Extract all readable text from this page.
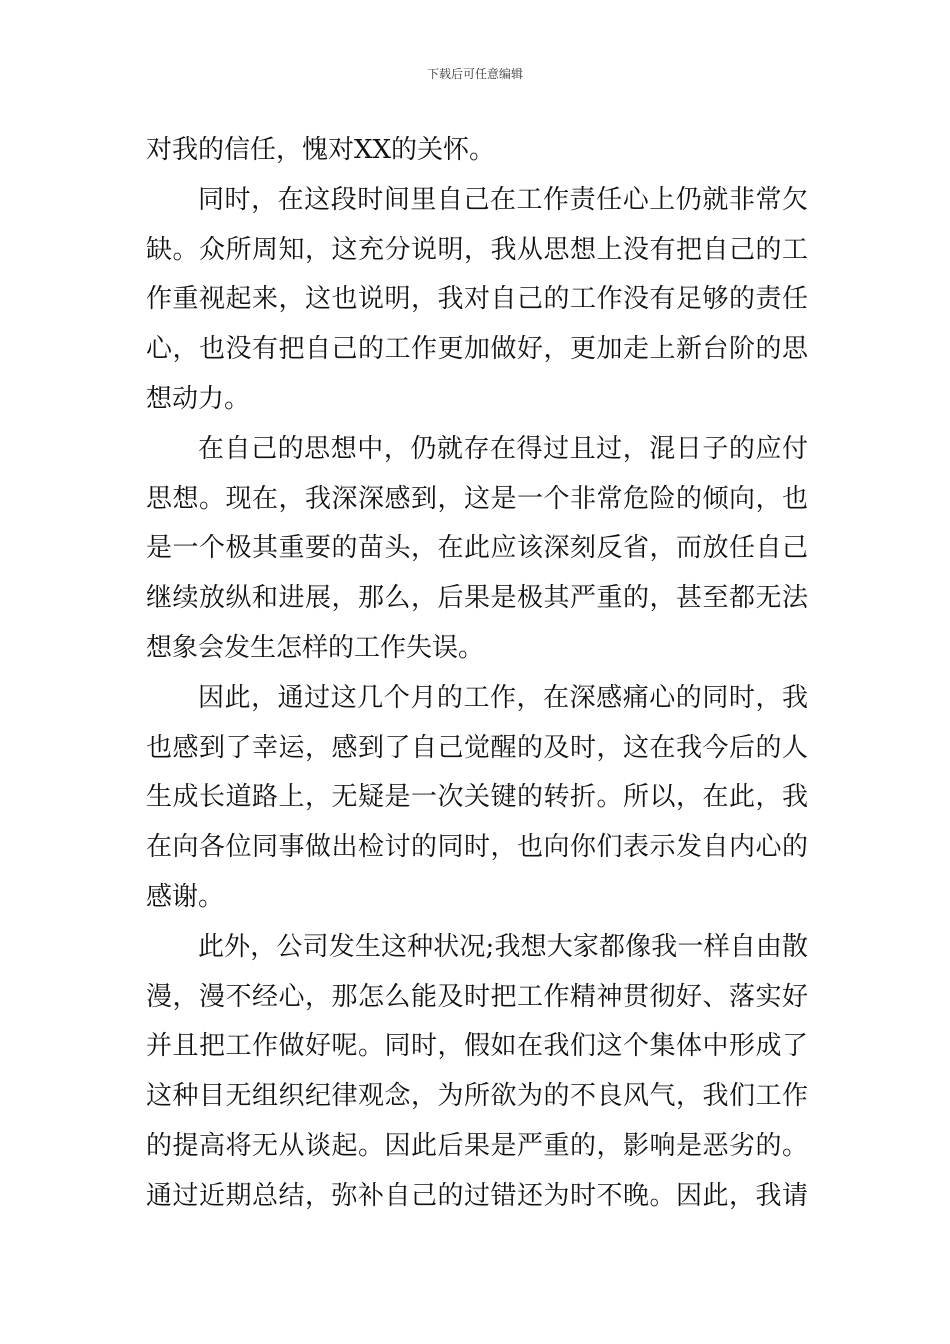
下载后可任意编辑
对我的信任，愧对XX的关怀。
同时，在这段时间里自己在工作责任心上仍就非常欠
缺。众所周知，这充分说明，我从思想上没有把自己的工
作重视起来，这也说明，我对自己的工作没有足够的责任
心，也没有把自己的工作更加做好，更加走上新台阶的思
想动力。
在自己的思想中，仍就存在得过且过，混日子的应付
思想。现在，我深深感到，这是一个非常危险的倾向，也
是一个极其重要的苗头，在此应该深刻反省，而放任自己
继续放纵和进展，那么，后果是极其严重的，甚至都无法
想象会发生怎样的工作失误。
因此，通过这几个月的工作，在深感痛心的同时，我
也感到了幸运，感到了自己觉醒的及时，这在我今后的人
生成长道路上，无疑是一次关键的转折。所以，在此，我
在向各位同事做出检讨的同时，也向你们表示发自内心的
感谢。
此外，公司发生这种状况;我想大家都像我一样自由散
漫，漫不经心，那怎么能及时把工作精神贯彻好、落实好
并且把工作做好呢。同时，假如在我们这个集体中形成了
这种目无组织纪律观念，为所欲为的不良风气，我们工作
的提高将无从谈起。因此后果是严重的，影响是恶劣的。
通过近期总结，弥补自己的过错还为时不晚。因此，我请
